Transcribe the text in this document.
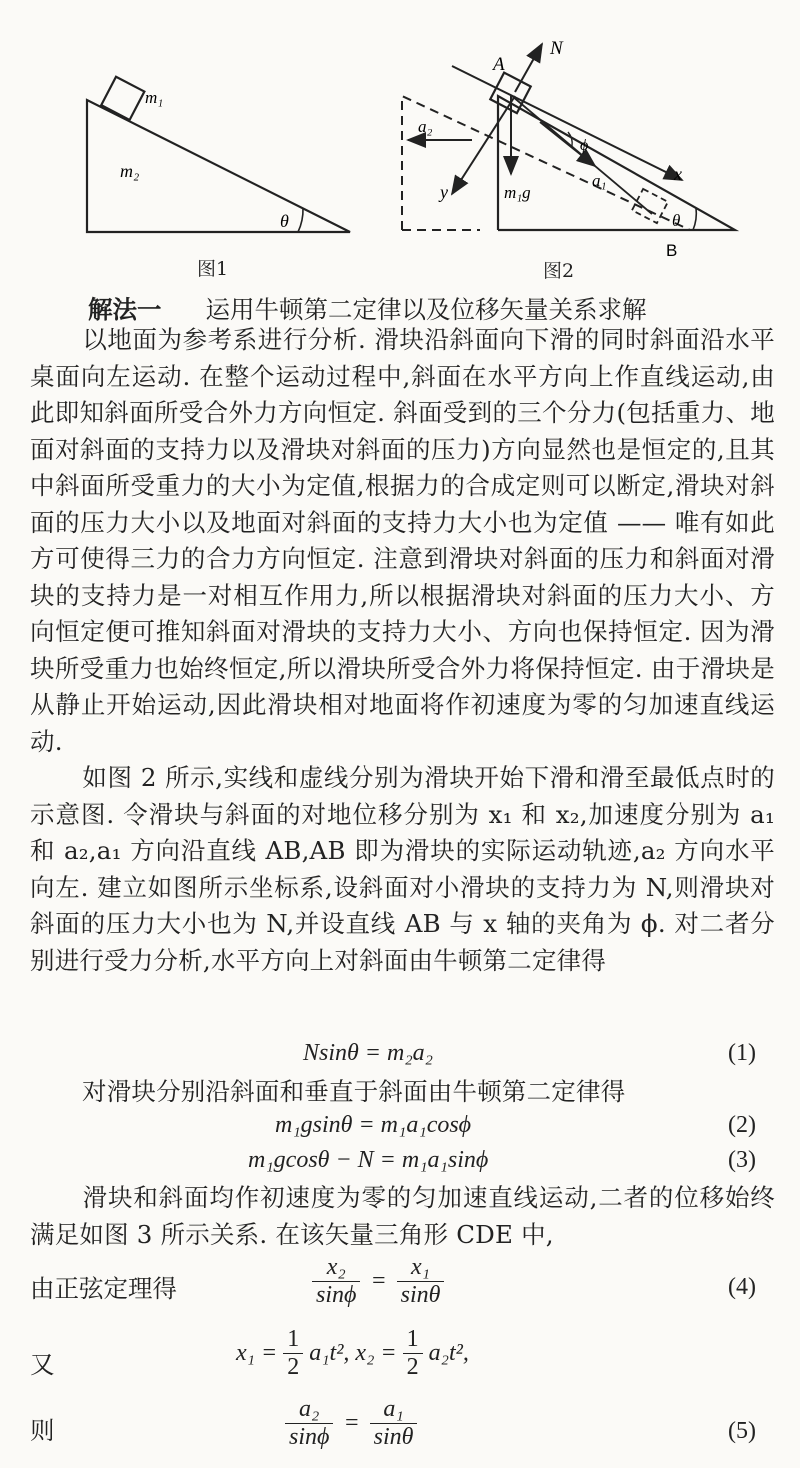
m₁
m₂
θ
图1
A
N
a₂
ϕ
a₁	x
y	m₁g
θ
B
图2
解法一 运用牛顿第二定律以及位移矢量关系求解
以地面为参考系进行分析. 滑块沿斜面向下滑的同时斜面沿水平桌面向左运动. 在整个运动过程中,斜面在水平方向上作直线运动,由此即知斜面所受合外力方向恒定. 斜面受到的三个分力(包括重力、地面对斜面的支持力以及滑块对斜面的压力)方向显然也是恒定的,且其中斜面所受重力的大小为定值,根据力的合成定则可以断定,滑块对斜面的压力大小以及地面对斜面的支持力大小也为定值 —— 唯有如此方可使得三力的合力方向恒定. 注意到滑块对斜面的压力和斜面对滑块的支持力是一对相互作用力,所以根据滑块对斜面的压力大小、方向恒定便可推知斜面对滑块的支持力大小、方向也保持恒定. 因为滑块所受重力也始终恒定,所以滑块所受合外力将保持恒定. 由于滑块是从静止开始运动,因此滑块相对地面将作初速度为零的匀加速直线运动.
如图 2 所示,实线和虚线分别为滑块开始下滑和滑至最低点时的示意图. 令滑块与斜面的对地位移分别为 x₁ 和 x₂,加速度分别为 a₁ 和 a₂,a₁ 方向沿直线 AB,AB 即为滑块的实际运动轨迹,a₂ 方向水平向左. 建立如图所示坐标系,设斜面对小滑块的支持力为 N,则滑块对斜面的压力大小也为 N,并设直线 AB 与 x 轴的夹角为 ϕ. 对二者分别进行受力分析,水平方向上对斜面由牛顿第二定律得
Nsinθ = m₂a₂	(1)
对滑块分别沿斜面和垂直于斜面由牛顿第二定律得
m₁gsinθ = m₁a₁cosϕ	(2)
m₁gcosθ − N = m₁a₁sinϕ	(3)
滑块和斜面均作初速度为零的匀加速直线运动,二者的位移始终满足如图 3 所示关系. 在该矢量三角形 CDE 中,
由正弦定理得	$\frac{\text{x₂}}{\sin\phi} = \frac{\text{x₁}}{\sin\theta}$	(4)
又	$x_1 = \frac{1}{2} a_1t^2$, $x_2 = \frac{1}{2} a_2t^2$,
则	$\frac{\text{a₂}}{\sin\phi} = \frac{\text{a₁}}{\sin\theta}$	(5)
